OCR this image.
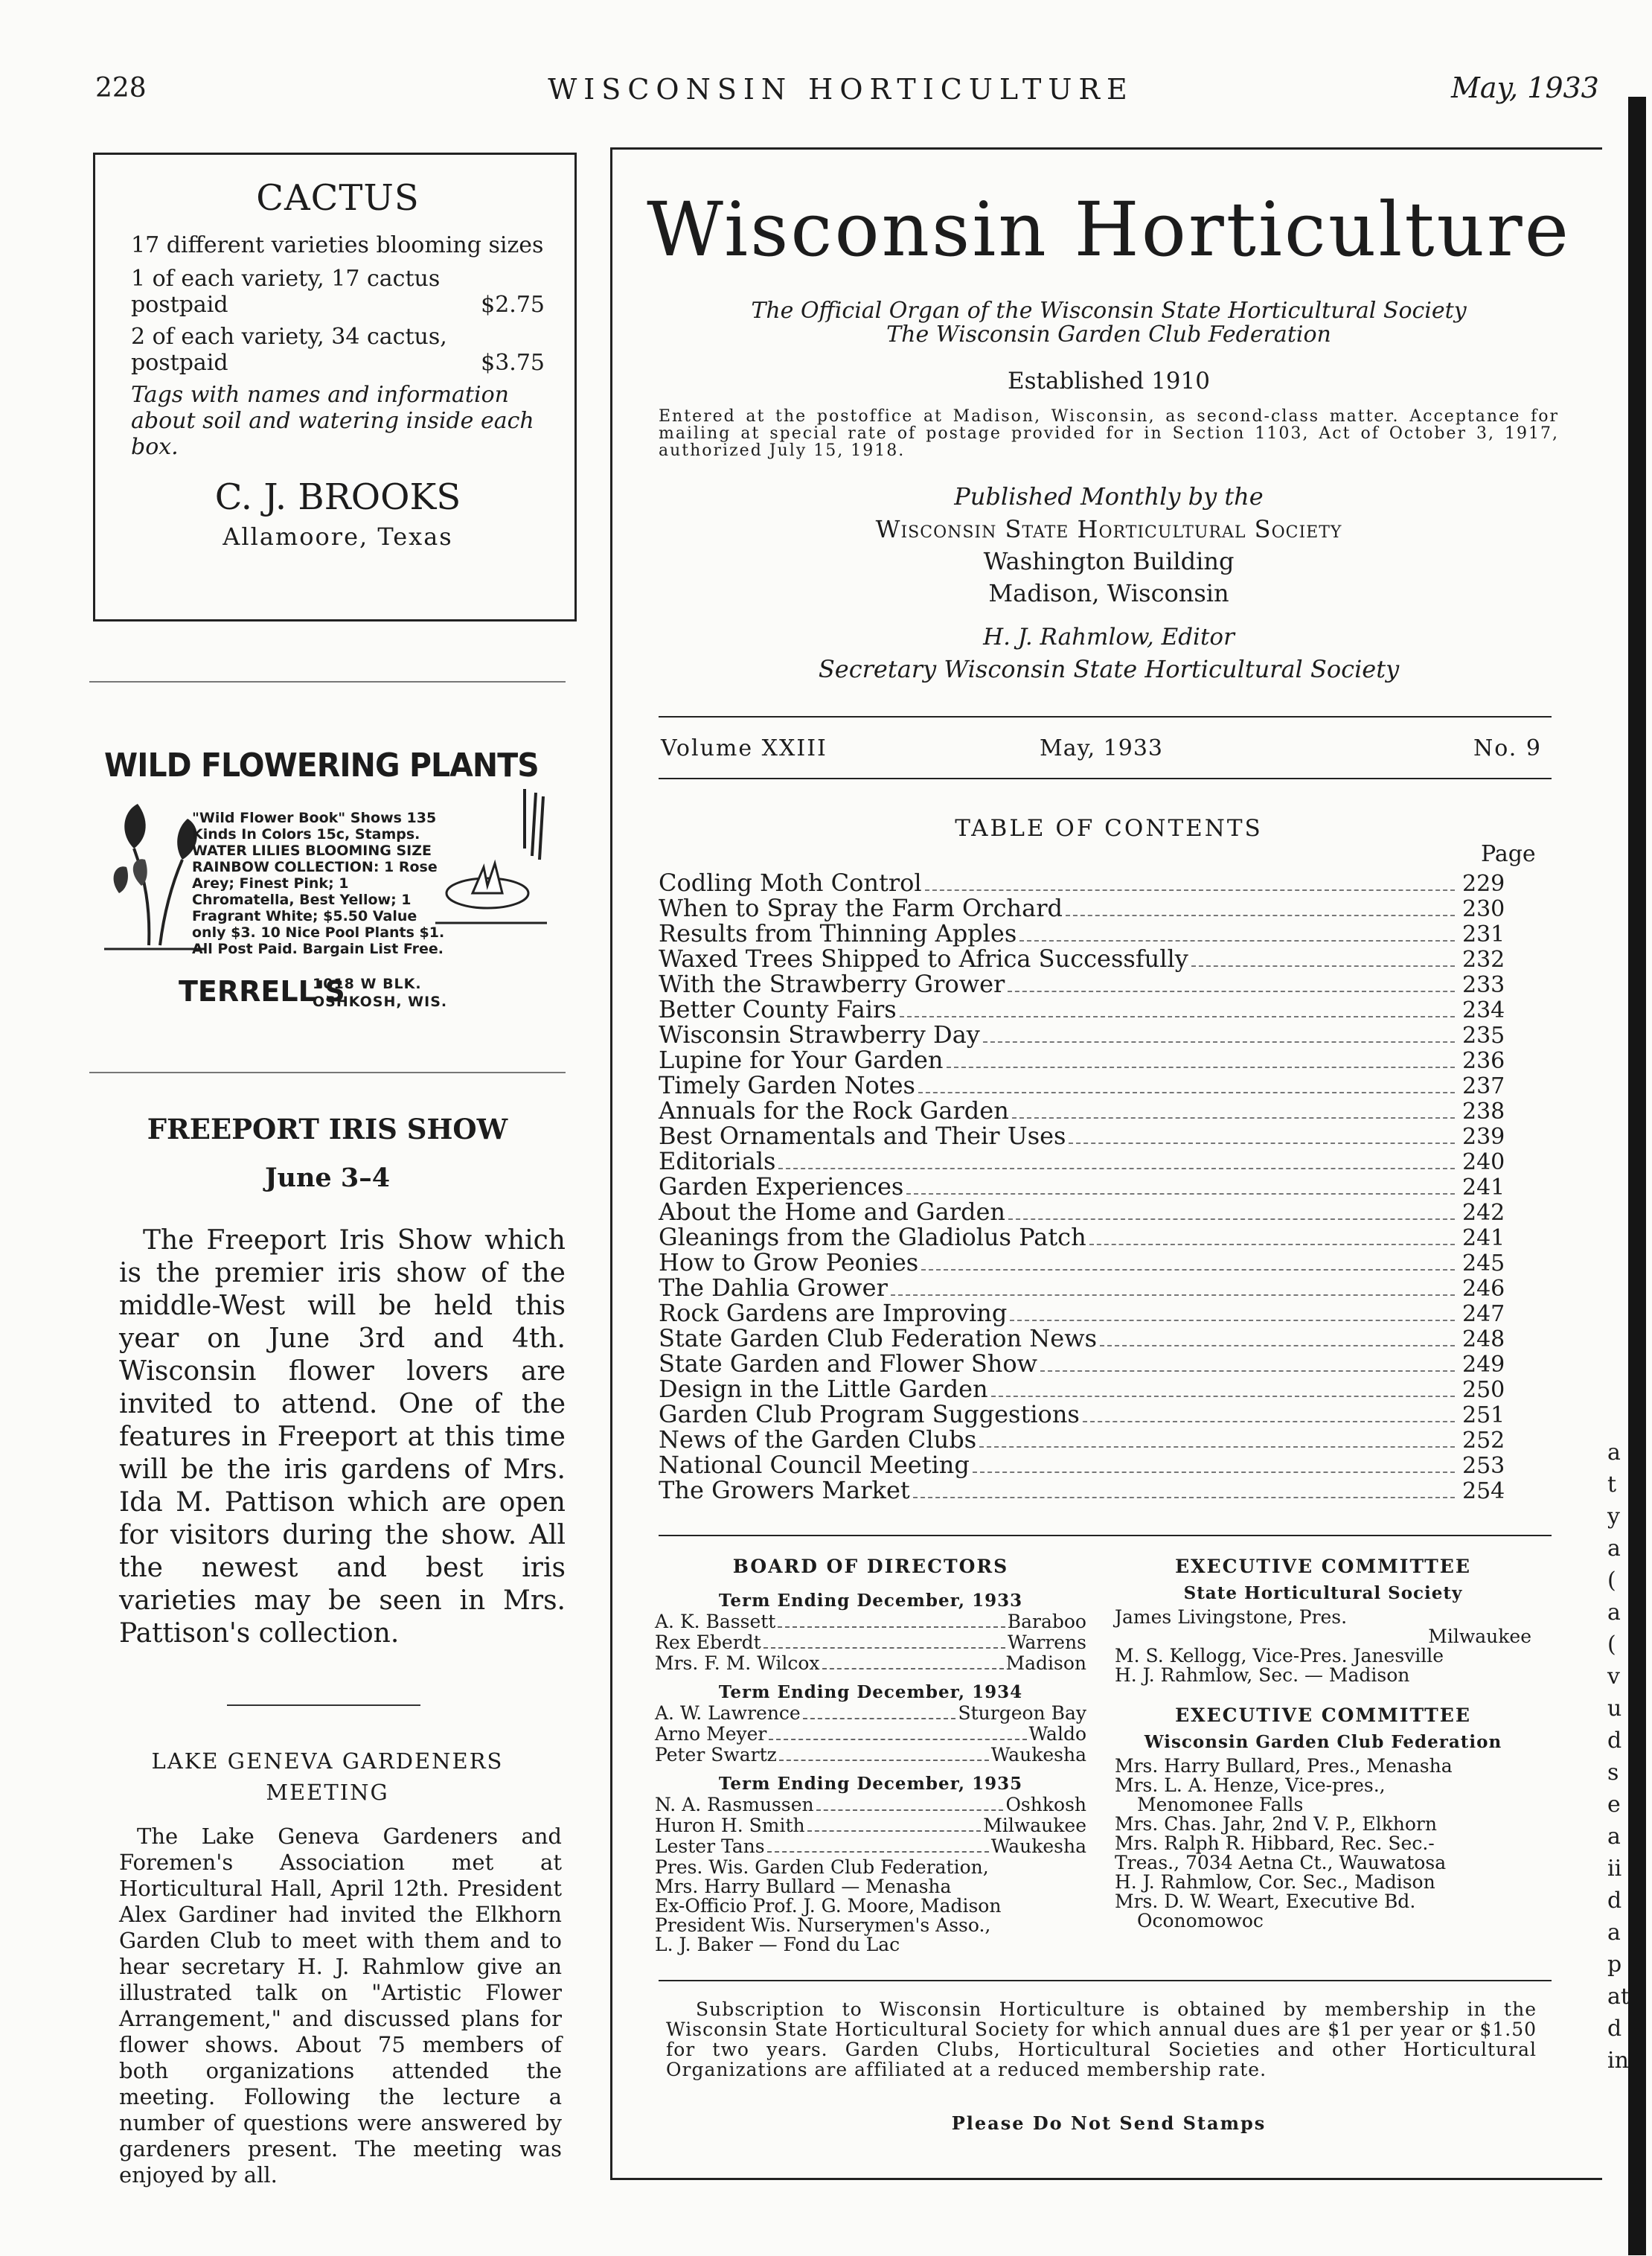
228	WISCONSIN HORTICULTURE	May, 1933
CACTUS

17 different varieties blooming sizes

1 of each variety, 17 cactus postpaid	$2.75
2 of each variety, 34 cactus, postpaid	$3.75

Tags with names and information about soil and watering inside each box.

C. J. BROOKS
Allamoore, Texas
WILD FLOWERING PLANTS
"Wild Flower Book" Shows 135 Kinds In Colors 15c, Stamps. WATER LILIES BLOOMING SIZE RAINBOW COLLECTION: 1 Rose Arey; Finest Pink; 1 Chromatella, Best Yellow; 1 Fragrant White; $5.50 Value only $3. 10 Nice Pool Plants $1. All Post Paid. Bargain List Free.
TERRELL'S
1018 W BLK. OSHKOSH, WIS.
FREEPORT IRIS SHOW
June 3–4

The Freeport Iris Show which is the premier iris show of the middle-West will be held this year on June 3rd and 4th. Wisconsin flower lovers are invited to attend. One of the features in Freeport at this time will be the iris gardens of Mrs. Ida M. Pattison which are open for visitors during the show. All the newest and best iris varieties may be seen in Mrs. Pattison's collection.

LAKE GENEVA GARDENERS MEETING

The Lake Geneva Gardeners and Foremen's Association met at Horticultural Hall, April 12th. President Alex Gardiner had invited the Elkhorn Garden Club to meet with them and to hear secretary H. J. Rahmlow give an illustrated talk on "Artistic Flower Arrangement," and discussed plans for flower shows. About 75 members of both organizations attended the meeting. Following the lecture a number of questions were answered by gardeners present. The meeting was enjoyed by all.

Wisconsin Horticulture
The Official Organ of the Wisconsin State Horticultural Society
The Wisconsin Garden Club Federation
Established 1910

Entered at the postoffice at Madison, Wisconsin, as second-class matter. Acceptance for mailing at special rate of postage provided for in Section 1103, Act of October 3, 1917, authorized July 15, 1918.

Published Monthly by the
Wisconsin State Horticultural Society
Washington Building
Madison, Wisconsin
H. J. Rahmlow, Editor
Secretary Wisconsin State Horticultural Society
Volume XXIII	May, 1933	No. 9
TABLE OF CONTENTS
Page
Codling Moth Control	229
When to Spray the Farm Orchard	230
Results from Thinning Apples	231
Waxed Trees Shipped to Africa Successfully	232
With the Strawberry Grower	233
Better County Fairs	234
Wisconsin Strawberry Day	235
Lupine for Your Garden	236
Timely Garden Notes	237
Annuals for the Rock Garden	238
Best Ornamentals and Their Uses	239
Editorials	240
Garden Experiences	241
About the Home and Garden	242
Gleanings from the Gladiolus Patch	241
How to Grow Peonies	245
The Dahlia Grower	246
Rock Gardens are Improving	247
State Garden Club Federation News	248
State Garden and Flower Show	249
Design in the Little Garden	250
Garden Club Program Suggestions	251
News of the Garden Clubs	252
National Council Meeting	253
The Growers Market	254
BOARD OF DIRECTORS
Term Ending December, 1933
A. K. Bassett	Baraboo
Rex Eberdt	Warrens
Mrs. F. M. Wilcox	Madison
Term Ending December, 1934
A. W. Lawrence	Sturgeon Bay
Arno Meyer	Waldo
Peter Swartz	Waukesha
Term Ending December, 1935
N. A. Rasmussen	Oshkosh
Huron H. Smith	Milwaukee
Lester Tans	Waukesha
Pres. Wis. Garden Club Federation,
Mrs. Harry Bullard — Menasha
Ex-Officio Prof. J. G. Moore, Madison
President Wis. Nurserymen's Asso.,
L. J. Baker — Fond du Lac
EXECUTIVE COMMITTEE
State Horticultural Society
James Livingstone, Pres.
Milwaukee
M. S. Kellogg, Vice-Pres. Janesville
H. J. Rahmlow, Sec. — Madison
EXECUTIVE COMMITTEE
Wisconsin Garden Club Federation
Mrs. Harry Bullard, Pres., Menasha
Mrs. L. A. Henze, Vice-pres.,
Menomonee Falls
Mrs. Chas. Jahr, 2nd V. P., Elkhorn
Mrs. Ralph R. Hibbard, Rec. Sec.-
Treas., 7034 Aetna Ct., Wauwatosa
H. J. Rahmlow, Cor. Sec., Madison
Mrs. D. W. Weart, Executive Bd.
Oconomowoc

Subscription to Wisconsin Horticulture is obtained by membership in the Wisconsin State Horticultural Society for which annual dues are $1 per year or $1.50 for two years. Garden Clubs, Horticultural Societies and other Horticultural Organizations are affiliated at a reduced membership rate.

Please Do Not Send Stamps
a
t
y
a
(
a
(
v
u
d
s
e
a
ii
d
a
p
at
d
in
